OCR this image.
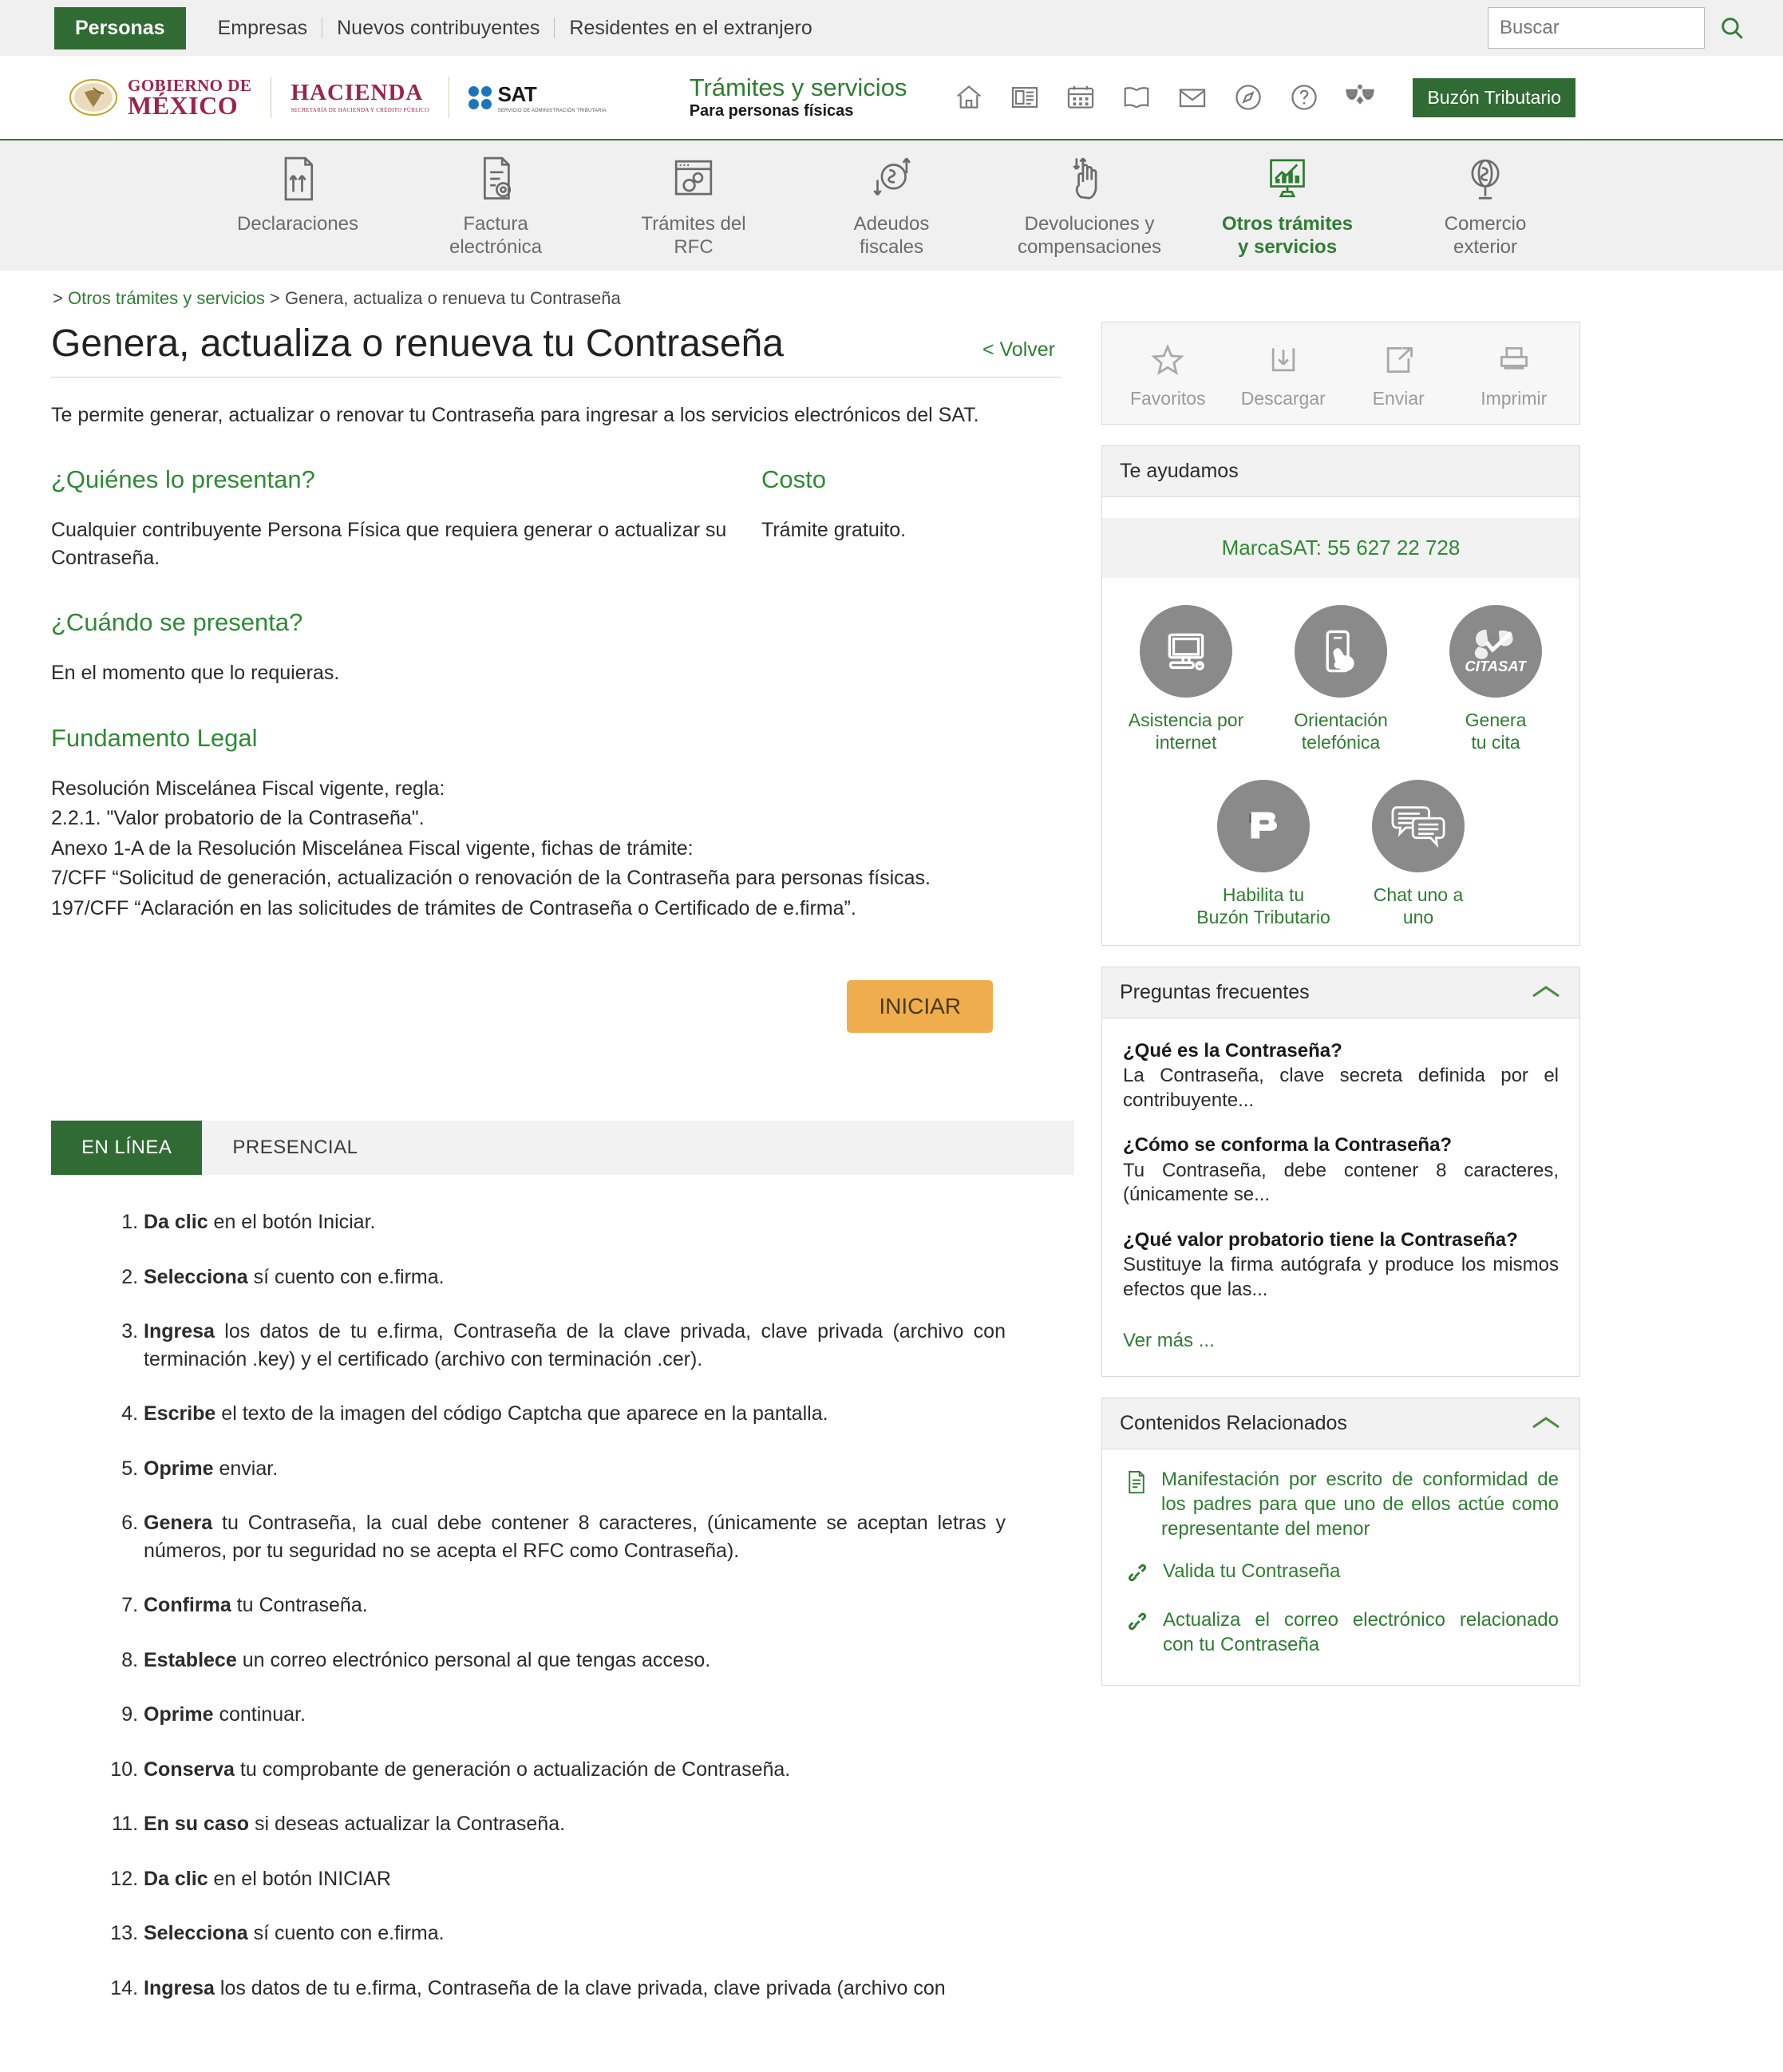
Personas	Empresas	Nuevos contribuyentes	Residentes en el extranjero
Buscar
GOBIERNO DE
MÉXICO	HACIENDA
SECRETARÍA DE HACIENDA Y CRÉDITO PÚBLICO
SAT
SERVICIO DE ADMINISTRACIÓN TRIBUTARIA
Trámites y servicios
Para personas físicas
Buzón Tributario
Declaraciones	Factura
electrónica
Trámites del
RFC
Adeudos
fiscales
Devoluciones y
compensaciones
Otros trámites
y servicios
Comercio
exterior
> Otros trámites y servicios > Genera, actualiza o renueva tu Contraseña
Genera, actualiza o renueva tu Contraseña	< Volver

Te permite generar, actualizar o renovar tu Contraseña para ingresar a los servicios electrónicos del SAT.

¿Quiénes lo presentan?

Cualquier contribuyente Persona Física que requiera generar o actualizar su Contraseña.

Costo

Trámite gratuito.

¿Cuándo se presenta?

En el momento que lo requieras.

Fundamento Legal
Resolución Miscelánea Fiscal vigente, regla:
2.2.1. "Valor probatorio de la Contraseña".
Anexo 1-A de la Resolución Miscelánea Fiscal vigente, fichas de trámite:
7/CFF “Solicitud de generación, actualización o renovación de la Contraseña para personas físicas.
197/CFF “Aclaración en las solicitudes de trámites de Contraseña o Certificado de e.firma”.
INICIAR
EN LÍNEA	PRESENCIAL
1. Da clic en el botón Iniciar.
2. Selecciona sí cuento con e.firma.
3. Ingresa los datos de tu e.firma, Contraseña de la clave privada, clave privada (archivo con terminación .key) y el certificado (archivo con terminación .cer).
4. Escribe el texto de la imagen del código Captcha que aparece en la pantalla.
5. Oprime enviar.
6. Genera tu Contraseña, la cual debe contener 8 caracteres, (únicamente se aceptan letras y números, por tu seguridad no se acepta el RFC como Contraseña).
7. Confirma tu Contraseña.
8. Establece un correo electrónico personal al que tengas acceso.
9. Oprime continuar.
10. Conserva tu comprobante de generación o actualización de Contraseña.
11. En su caso si deseas actualizar la Contraseña.
12. Da clic en el botón INICIAR
13. Selecciona sí cuento con e.firma.
14. Ingresa los datos de tu e.firma, Contraseña de la clave privada, clave privada (archivo con
Favoritos Descargar	Enviar	Imprimir
Te ayudamos
MarcaSAT: 55 627 22 728
Asistencia por
internet
Orientación
telefónica
CITASAT
Genera
tu cita
Habilita tu
Buzón Tributario
Chat uno a
uno
Preguntas frecuentes
¿Qué es la Contraseña?
La Contraseña, clave secreta definida por el contribuyente...
¿Cómo se conforma la Contraseña?
Tu Contraseña, debe contener 8 caracteres, (únicamente se...
¿Qué valor probatorio tiene la Contraseña?
Sustituye la firma autógrafa y produce los mismos efectos que las...
Ver más ...
Contenidos Relacionados
Manifestación por escrito de conformidad de los padres para que uno de ellos actúe como representante del menor
Valida tu Contraseña
Actualiza el correo electrónico relacionado con tu Contraseña
